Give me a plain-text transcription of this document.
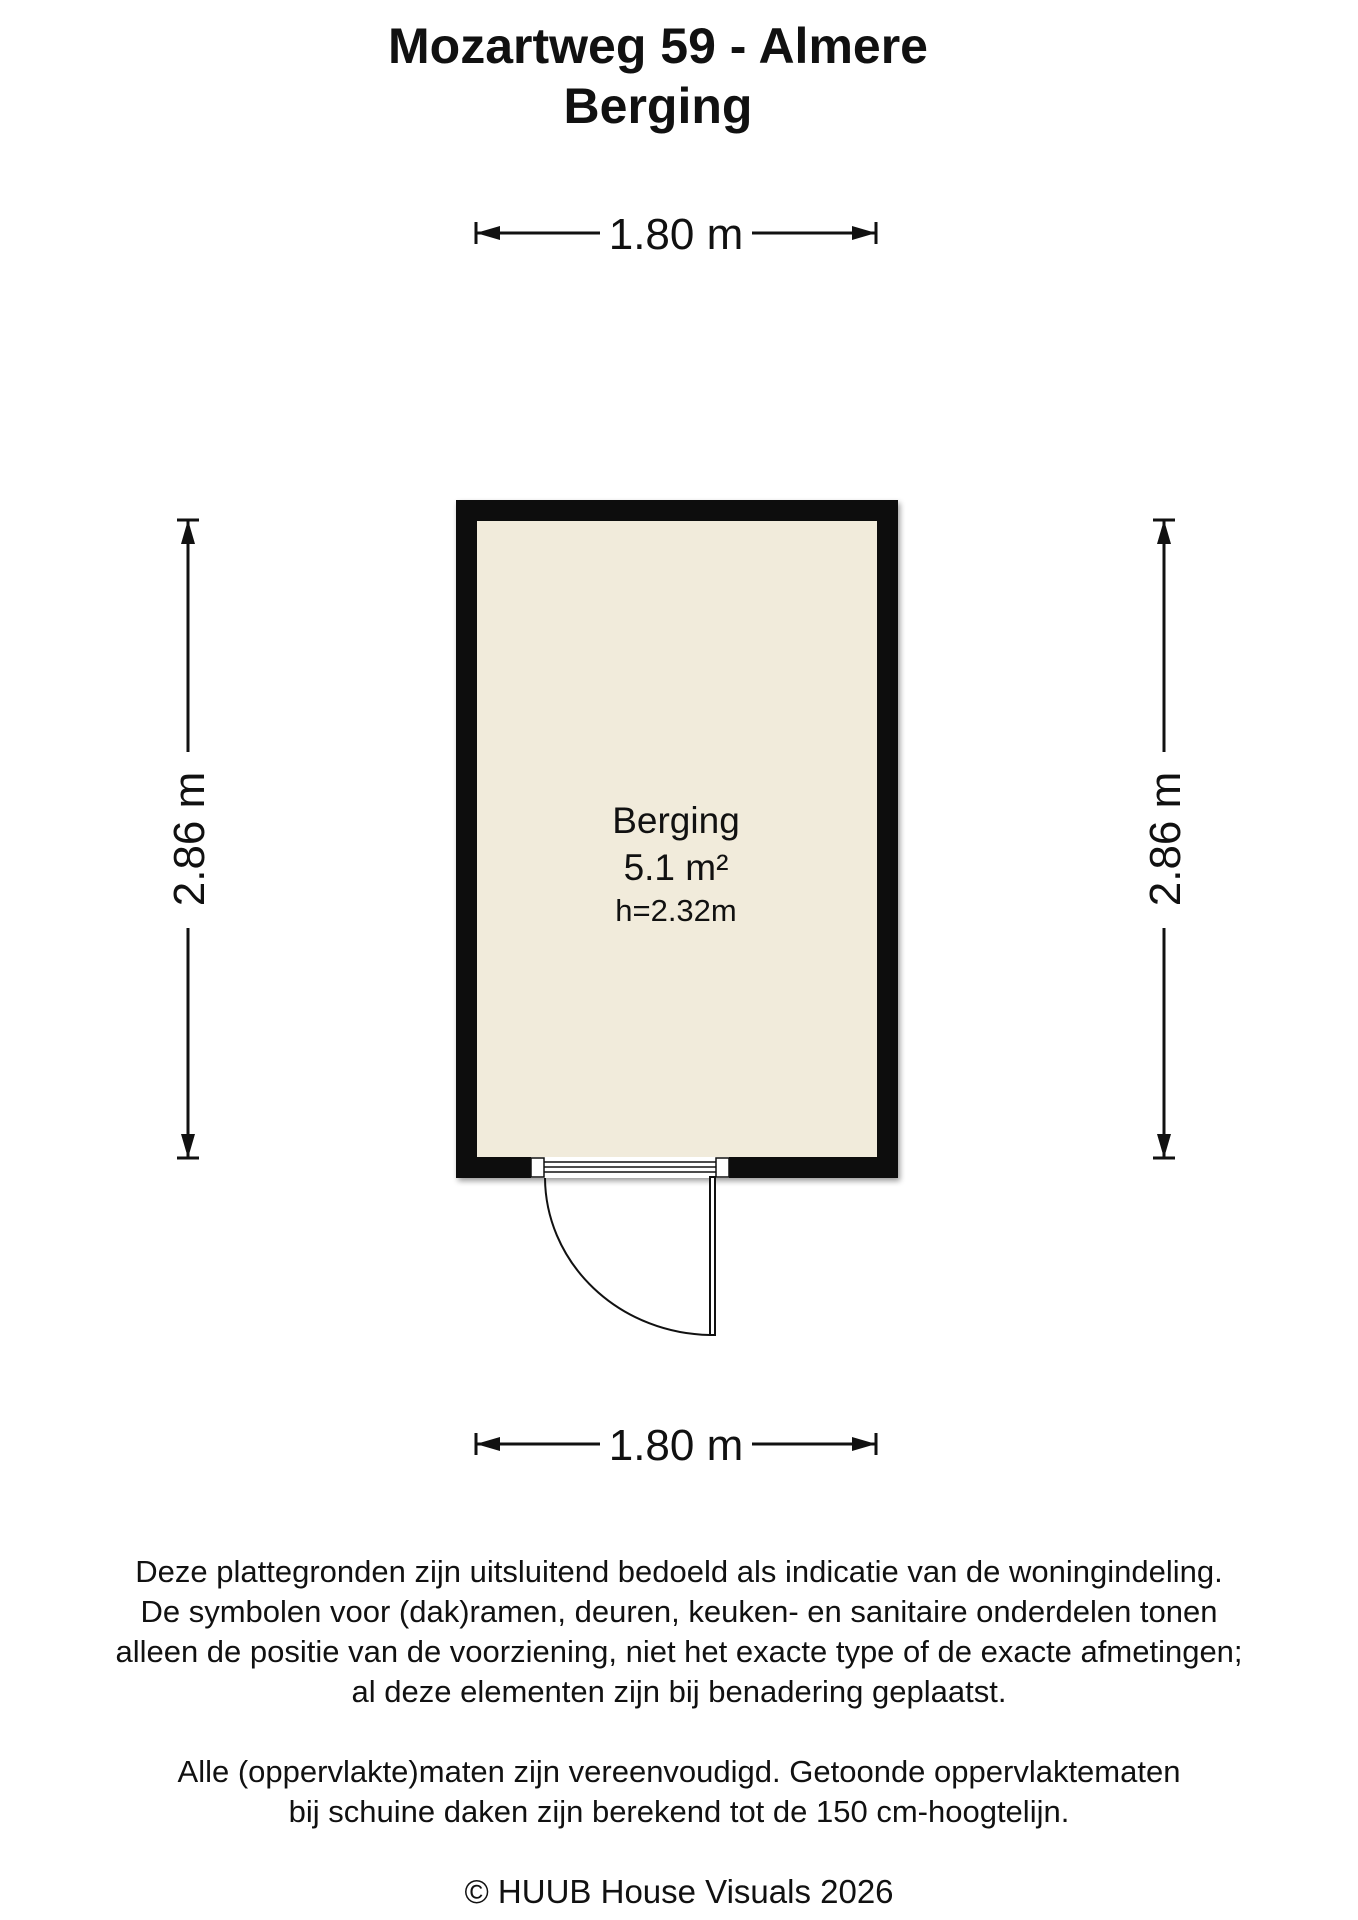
Mozartweg 59 - Almere
Berging
1.80 m
1.80 m
2.86 m	2.86 m
Berging
5.1 m²
h=2.32m
Deze plattegronden zijn uitsluitend bedoeld als indicatie van de woningindeling.
De symbolen voor (dak)ramen, deuren, keuken- en sanitaire onderdelen tonen
alleen de positie van de voorziening, niet het exacte type of de exacte afmetingen;
al deze elementen zijn bij benadering geplaatst.
Alle (oppervlakte)maten zijn vereenvoudigd. Getoonde oppervlaktematen
bij schuine daken zijn berekend tot de 150 cm-hoogtelijn.
© HUUB House Visuals 2026
